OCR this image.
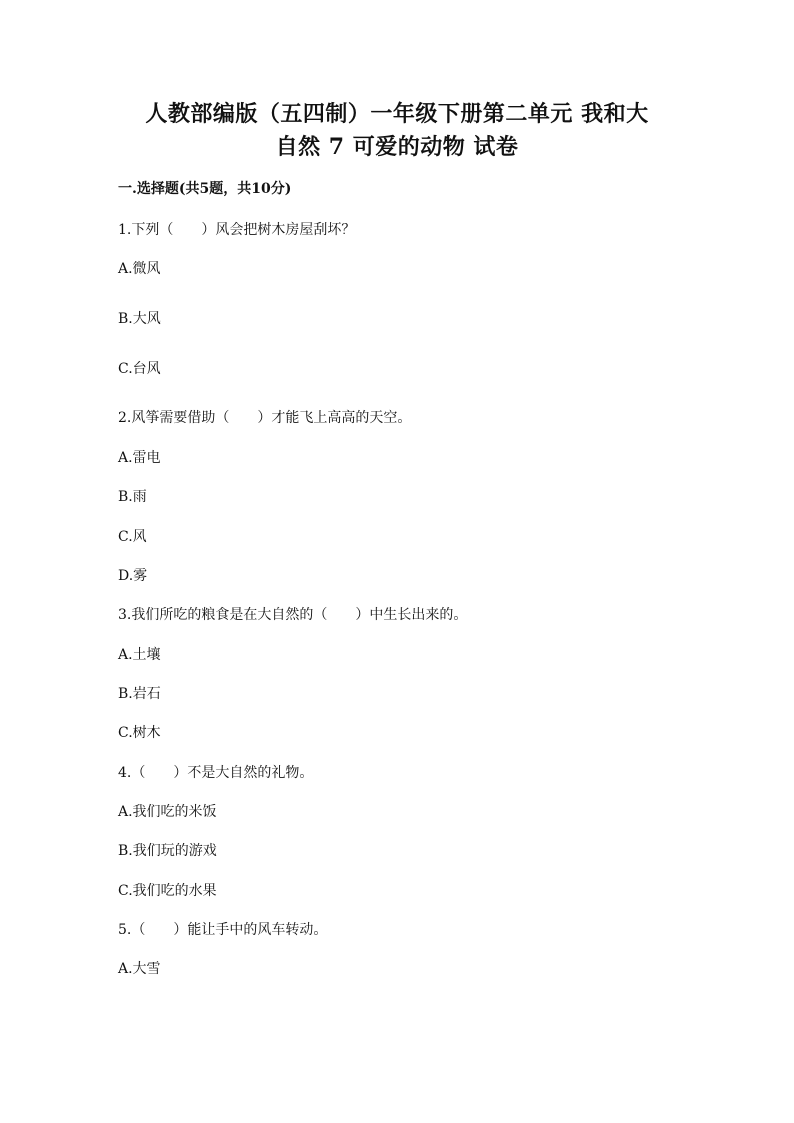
人教部编版（五四制）一年级下册第二单元 我和大
自然 7 可爱的动物 试卷
一.选择题(共5题，共10分)
1.下列（　　）风会把树木房屋刮坏？
A.微风
B.大风
C.台风
2.风筝需要借助（　　）才能飞上高高的天空。
A.雷电
B.雨
C.风
D.雾
3.我们所吃的粮食是在大自然的（　　）中生长出来的。
A.土壤
B.岩石
C.树木
4.（　　）不是大自然的礼物。
A.我们吃的米饭
B.我们玩的游戏
C.我们吃的水果
5.（　　）能让手中的风车转动。
A.大雪
